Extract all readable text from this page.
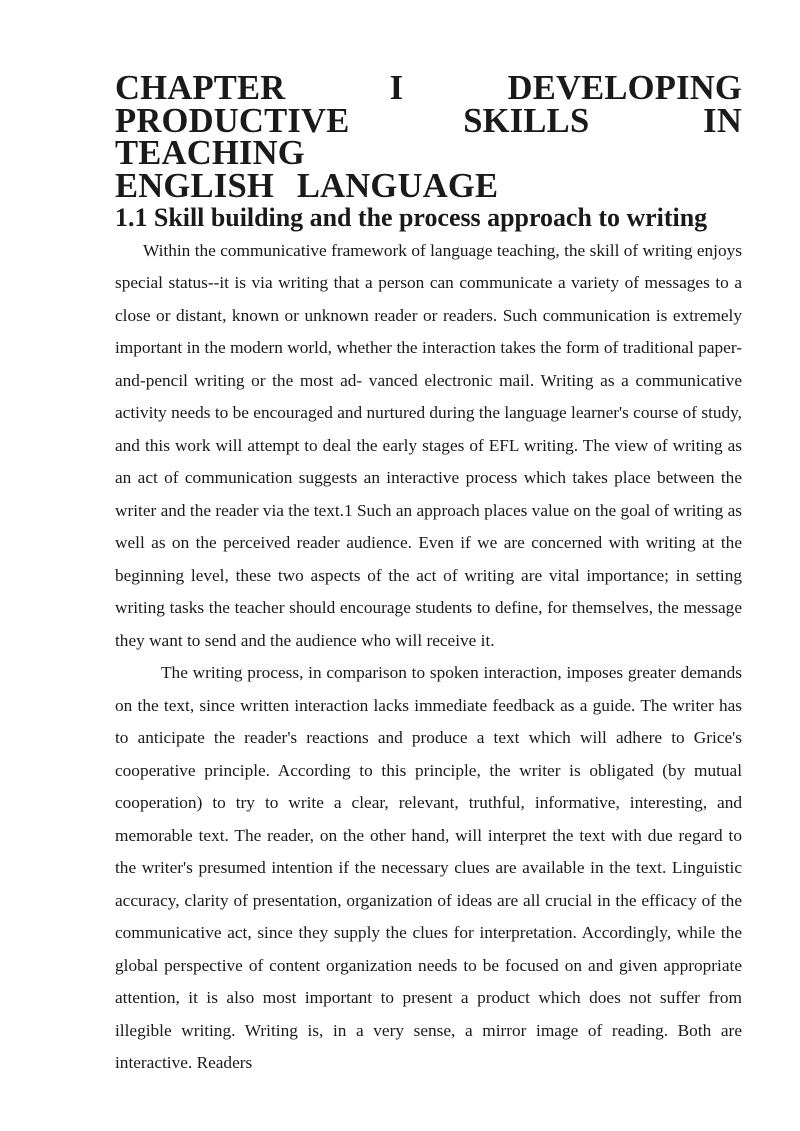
CHAPTER I DEVELOPING PRODUCTIVE SKILLS IN TEACHING
ENGLISH LANGUAGE
1.1 Skill building and the process approach to writing

Within the communicative framework of language teaching, the skill of writing enjoys special status--it is via writing that a person can communicate a variety of messages to a close or distant, known or unknown reader or readers. Such communication is extremely important in the modern world, whether the interaction takes the form of traditional paper-and-pencil writing or the most ad- vanced electronic mail. Writing as a communicative activity needs to be encouraged and nurtured during the language learner's course of study, and this work will attempt to deal the early stages of EFL writing. The view of writing as an act of communication suggests an interactive process which takes place between the writer and the reader via the text.1 Such an approach places value on the goal of writing as well as on the perceived reader audience. Even if we are concerned with writing at the beginning level, these two aspects of the act of writing are vital importance; in setting writing tasks the teacher should encourage students to define, for themselves, the message they want to send and the audience who will receive it.

The writing process, in comparison to spoken interaction, imposes greater demands on the text, since written interaction lacks immediate feedback as a guide. The writer has to anticipate the reader's reactions and produce a text which will adhere to Grice's cooperative principle. According to this principle, the writer is obligated (by mutual cooperation) to try to write a clear, relevant, truthful, informative, interesting, and memorable text. The reader, on the other hand, will interpret the text with due regard to the writer's presumed intention if the necessary clues are available in the text. Linguistic accuracy, clarity of presentation, organization of ideas are all crucial in the efficacy of the communicative act, since they supply the clues for interpretation. Accordingly, while the global perspective of content organization needs to be focused on and given appropriate attention, it is also most important to present a product which does not suffer from illegible writing. Writing is, in a very sense, a mirror image of reading. Both are interactive. Readers
